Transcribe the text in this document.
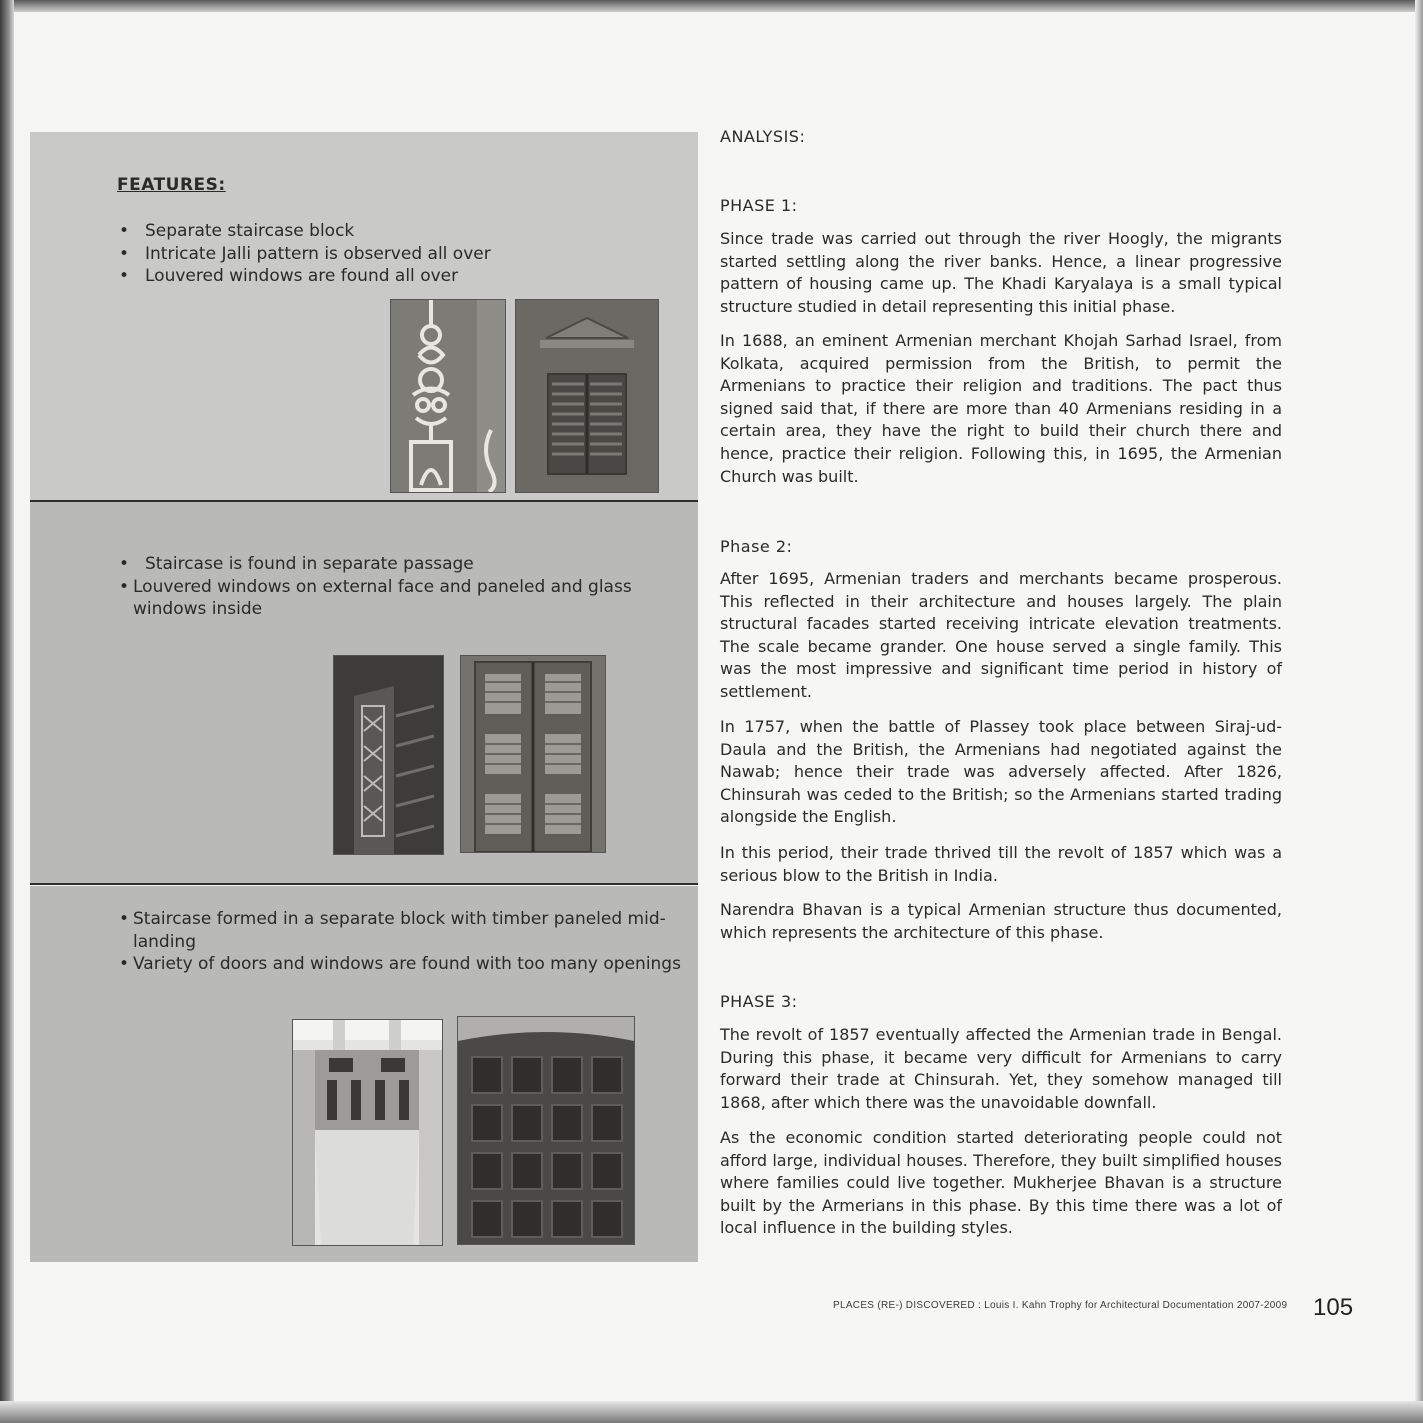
FEATURES:
• Separate staircase block
• Intricate Jalli pattern is observed all over
• Louvered windows are found all over
• Staircase is found in separate passage
• Louvered windows on external face and paneled and glass windows inside
• Staircase formed in a separate block with timber paneled mid-landing
• Variety of doors and windows are found with too many openings
ANALYSIS:
PHASE 1:

Since trade was carried out through the river Hoogly, the migrants started settling along the river banks. Hence, a linear progressive pattern of housing came up. The Khadi Karyalaya is a small typical structure studied in detail representing this initial phase.

In 1688, an eminent Armenian merchant Khojah Sarhad Israel, from Kolkata, acquired permission from the British, to permit the Armenians to practice their religion and traditions. The pact thus signed said that, if there are more than 40 Armenians residing in a certain area, they have the right to build their church there and hence, practice their religion. Following this, in 1695, the Armenian Church was built.

Phase 2:

After 1695, Armenian traders and merchants became prosperous. This reflected in their architecture and houses largely. The plain structural facades started receiving intricate elevation treatments. The scale became grander. One house served a single family. This was the most impressive and significant time period in history of settlement.

In 1757, when the battle of Plassey took place between Siraj-ud-Daula and the British, the Armenians had negotiated against the Nawab; hence their trade was adversely affected. After 1826, Chinsurah was ceded to the British; so the Armenians started trading alongside the English.

In this period, their trade thrived till the revolt of 1857 which was a serious blow to the British in India.

Narendra Bhavan is a typical Armenian structure thus documented, which represents the architecture of this phase.

PHASE 3:

The revolt of 1857 eventually affected the Armenian trade in Bengal. During this phase, it became very difficult for Armenians to carry forward their trade at Chinsurah. Yet, they somehow managed till 1868, after which there was the unavoidable downfall.

As the economic condition started deteriorating people could not afford large, individual houses. Therefore, they built simplified houses where families could live together. Mukherjee Bhavan is a structure built by the Armerians in this phase. By this time there was a lot of local influence in the building styles.

PLACES (RE-) DISCOVERED : Louis I. Kahn Trophy for Architectural Documentation 2007-2009 105
